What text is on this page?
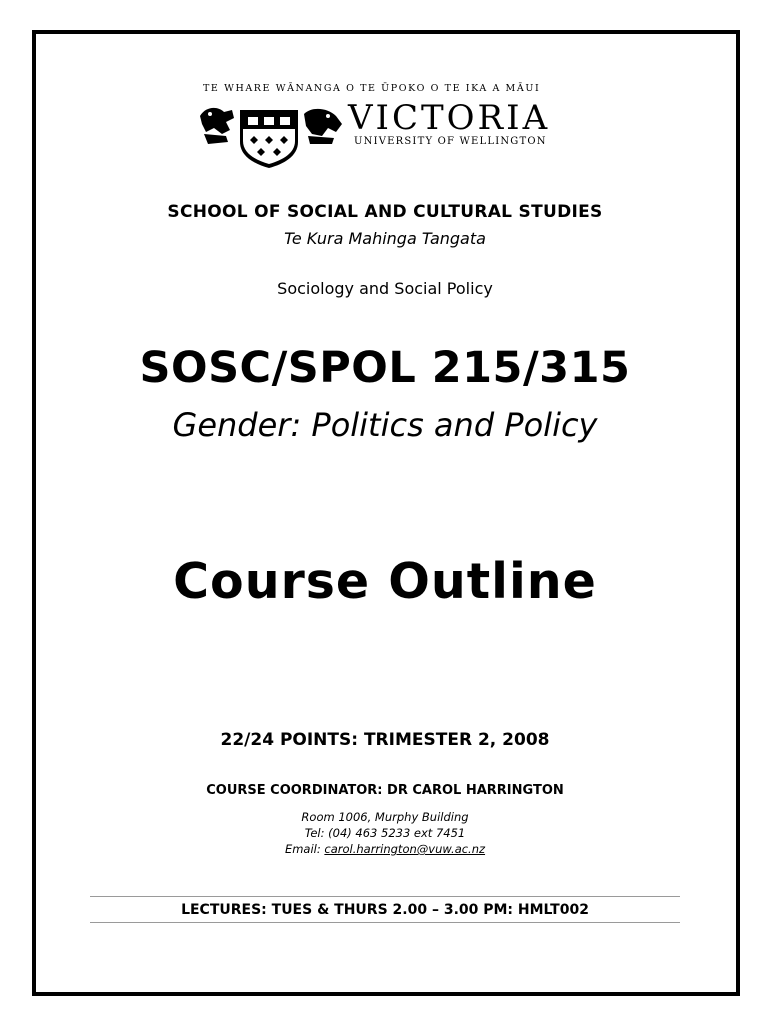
TE WHARE WĀNANGA O TE ŪPOKO O TE IKA A MĀUI
VICTORIA
UNIVERSITY OF WELLINGTON
SCHOOL OF SOCIAL AND CULTURAL STUDIES
Te Kura Mahinga Tangata
Sociology and Social Policy
SOSC/SPOL 215/315
Gender: Politics and Policy
Course Outline
22/24 POINTS: TRIMESTER 2, 2008
COURSE COORDINATOR: DR CAROL HARRINGTON
Room 1006, Murphy Building
Tel: (04) 463 5233 ext 7451
Email: carol.harrington@vuw.ac.nz
LECTURES: TUES & THURS 2.00 – 3.00 PM: HMLT002
